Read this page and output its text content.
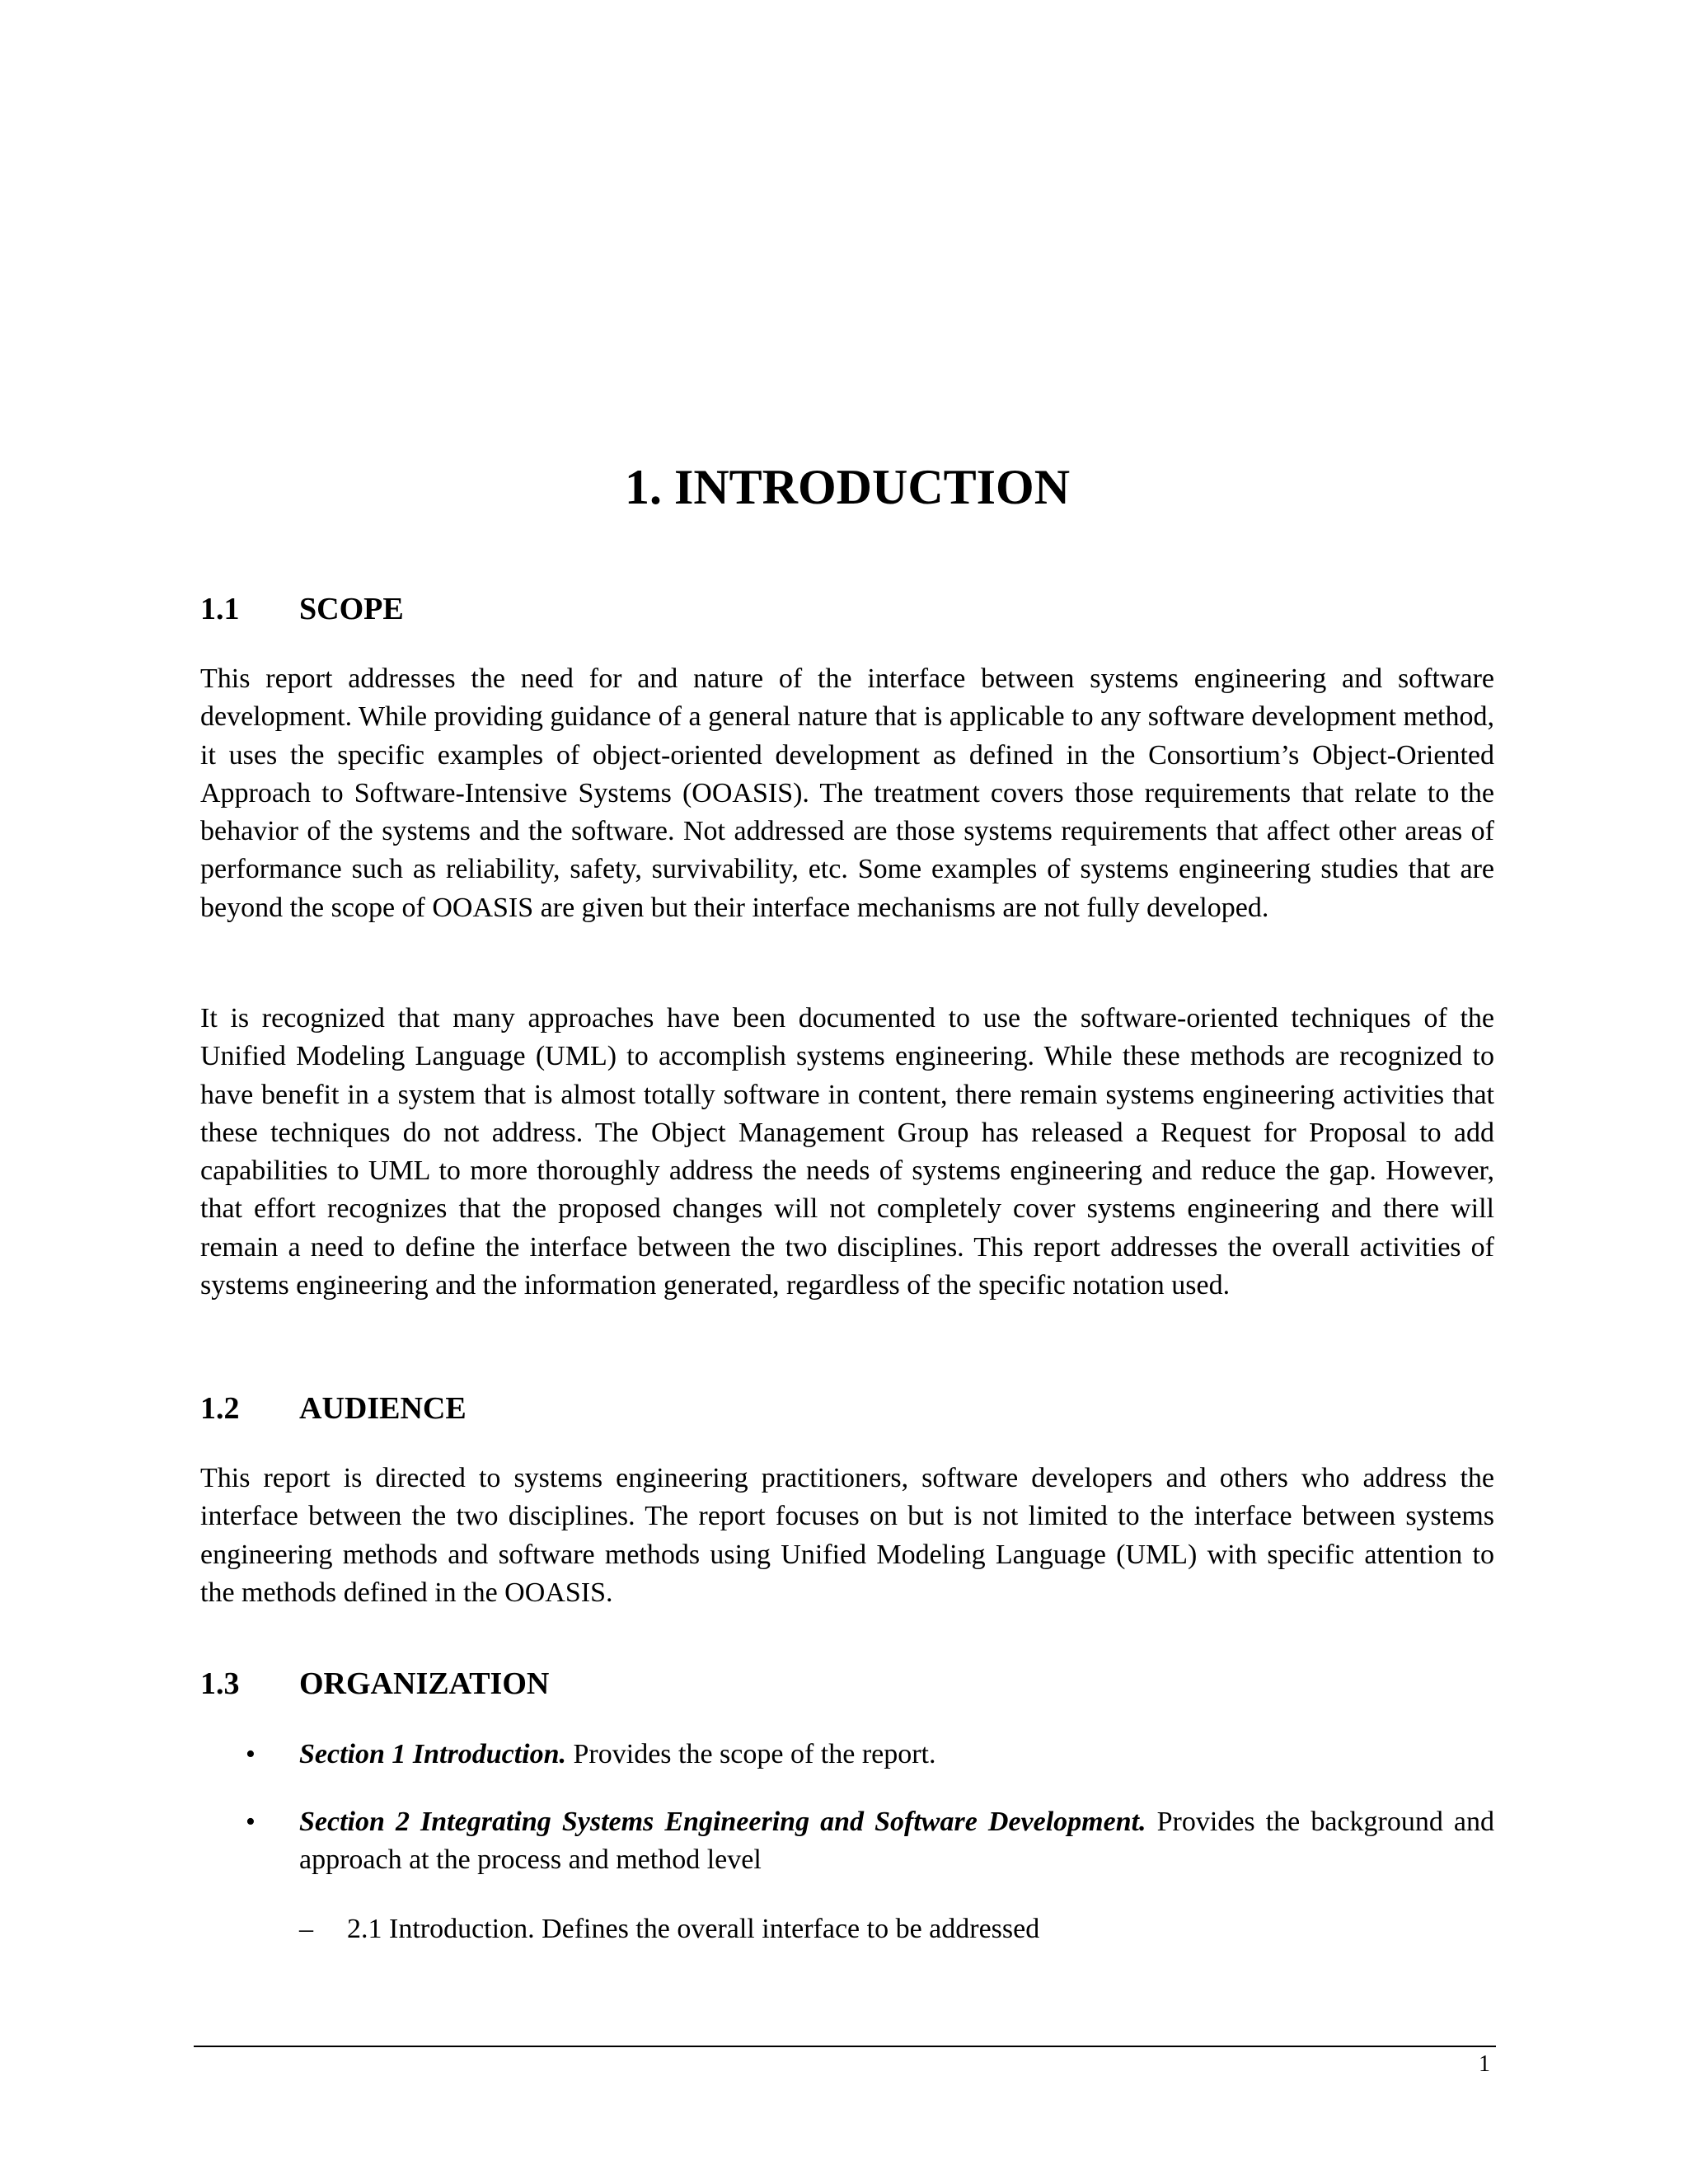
1. INTRODUCTION
1.1 SCOPE

This report addresses the need for and nature of the interface between systems engineering and software development. While providing guidance of a general nature that is applicable to any software development method, it uses the specific examples of object-oriented development as defined in the Consortium’s Object-Oriented Approach to Software-Intensive Systems (OOASIS). The treatment covers those requirements that relate to the behavior of the systems and the software. Not addressed are those systems requirements that affect other areas of performance such as reliability, safety, survivability, etc. Some examples of systems engineering studies that are beyond the scope of OOASIS are given but their interface mechanisms are not fully developed.

It is recognized that many approaches have been documented to use the software-oriented techniques of the Unified Modeling Language (UML) to accomplish systems engineering. While these methods are recognized to have benefit in a system that is almost totally software in content, there remain systems engineering activities that these techniques do not address. The Object Management Group has released a Request for Proposal to add capabilities to UML to more thoroughly address the needs of systems engineering and reduce the gap. However, that effort recognizes that the proposed changes will not completely cover systems engineering and there will remain a need to define the interface between the two disciplines. This report addresses the overall activities of systems engineering and the information generated, regardless of the specific notation used.

1.2 AUDIENCE

This report is directed to systems engineering practitioners, software developers and others who address the interface between the two disciplines. The report focuses on but is not limited to the interface between systems engineering methods and software methods using Unified Modeling Language (UML) with specific attention to the methods defined in the OOASIS.

1.3 ORGANIZATION
• Section 1 Introduction. Provides the scope of the report.
• Section 2 Integrating Systems Engineering and Software Development. Provides the background and approach at the process and method level
– 2.1 Introduction. Defines the overall interface to be addressed
1
